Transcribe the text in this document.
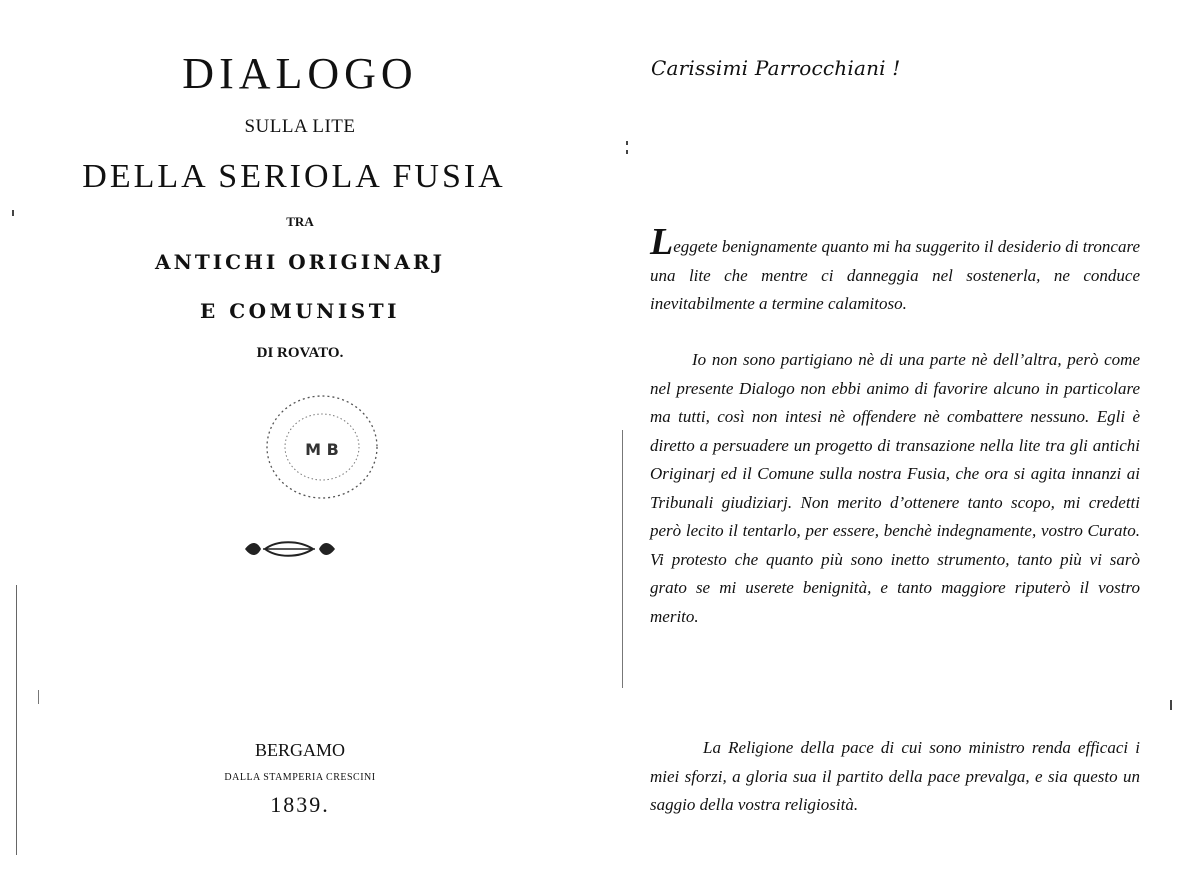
DIALOGO
SULLA LITE
DELLA SERIOLA FUSIA
TRA
ANTICHI ORIGINARJ
E COMUNISTI
DI ROVATO.
M B
BERGAMO
DALLA STAMPERIA CRESCINI
1839.
Carissimi Parrocchiani !

Leggete benignamente quanto mi ha suggerito il desiderio di troncare una lite che mentre ci danneggia nel sostenerla, ne conduce inevitabilmente a termine calamitoso.

Io non sono partigiano nè di una parte nè dell’altra, però come nel presente Dialogo non ebbi animo di favorire alcuno in particolare ma tutti, così non intesi nè offendere nè combattere nessuno. Egli è diretto a persuadere un progetto di transazione nella lite tra gli antichi Originarj ed il Comune sulla nostra Fusia, che ora si agita innanzi ai Tribunali giudiziarj. Non merito d’ottenere tanto scopo, mi credetti però lecito il tentarlo, per essere, benchè indegnamente, vostro Curato. Vi protesto che quanto più sono inetto strumento, tanto più vi sarò grato se mi userete benignità, e tanto maggiore riputerò il vostro merito.

La Religione della pace di cui sono ministro renda efficaci i miei sforzi, a gloria sua il partito della pace prevalga, e sia questo un saggio della vostra religiosità.
